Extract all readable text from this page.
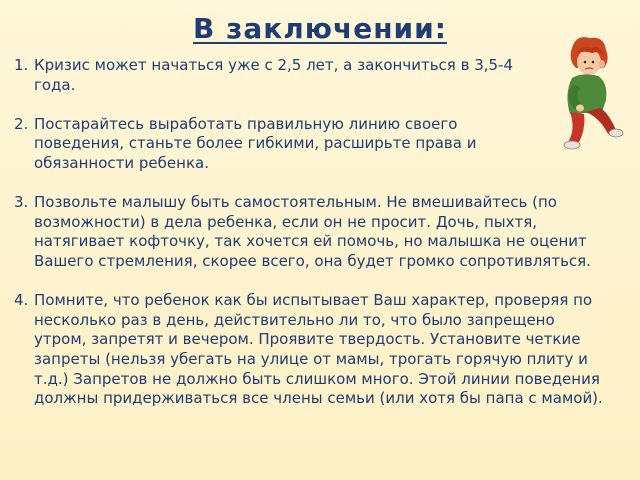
В заключении:
1. Кризис может начаться уже с 2,5 лет, а закончиться в 3,5-4 года.
2. Постарайтесь выработать правильную линию своего поведения, станьте более гибкими, расширьте права и обязанности ребенка.
3. Позвольте малышу быть самостоятельным. Не вмешивайтесь (по возможности) в дела ребенка, если он не просит. Дочь, пыхтя, натягивает кофточку, так хочется ей помочь, но малышка не оценит Вашего стремления, скорее всего, она будет громко сопротивляться.
4. Помните, что ребенок как бы испытывает Ваш характер, проверяя по несколько раз в день, действительно ли то, что было запрещено утром, запретят и вечером. Проявите твердость. Установите четкие запреты (нельзя убегать на улице от мамы, трогать горячую плиту и т.д.) Запретов не должно быть слишком много. Этой линии поведения должны придерживаться все члены семьи (или хотя бы папа с мамой).
